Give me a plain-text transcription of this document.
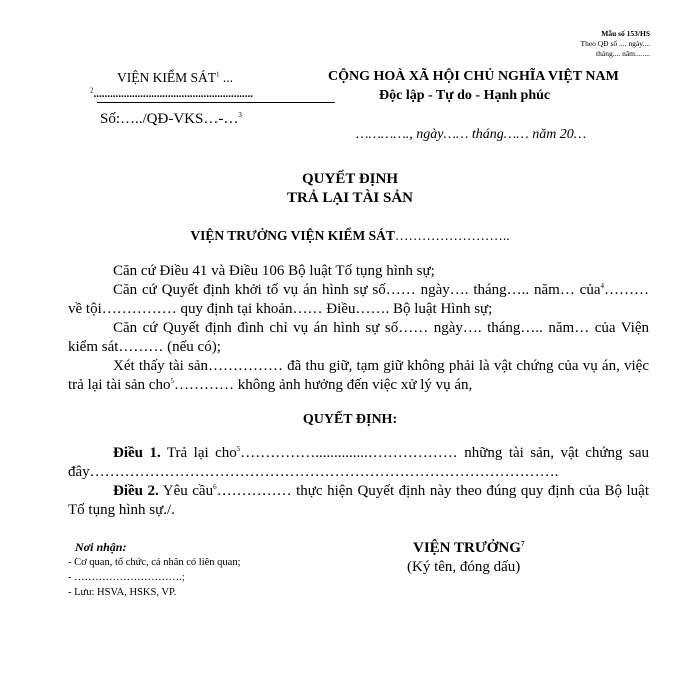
Mẫu số 153/HS
Theo QĐ số .... ngày....
tháng.... năm........
VIỆN KIỂM SÁT$^1$ ...
$^2$..........................................................
Số:…../QĐ-VKS…-…$^3$
CỘNG HOÀ XÃ HỘI CHỦ NGHĨA VIỆT NAM
Độc lập - Tự do - Hạnh phúc
…………., ngày…… tháng…… năm 20…
QUYẾT ĐỊNH
TRẢ LẠI TÀI SẢN
VIỆN TRƯỞNG VIỆN KIỂM SÁT……………………..
Căn cứ Điều 41 và Điều 106 Bộ luật Tố tụng hình sự;
Căn cứ Quyết định khởi tố vụ án hình sự số…… ngày…. tháng….. năm… của$^4$……… về tội…………… quy định tại khoản…… Điều……. Bộ luật Hình sự;
Căn cứ Quyết định đình chỉ vụ án hình sự số…… ngày…. tháng….. năm… của Viện kiểm sát……… (nếu có);
Xét thấy tài sản…………… đã thu giữ, tạm giữ không phải là vật chứng của vụ án, việc trả lại tài sản cho$^5$………… không ảnh hưởng đến việc xử lý vụ án,
QUYẾT ĐỊNH:
Điều 1. Trả lại cho$^5$……………..............……………… những tài sản, vật chứng sau đây………………………………………………………………………………….
Điều 2. Yêu cầu$^6$…………… thực hiện Quyết định này theo đúng quy định của Bộ luật Tố tụng hình sự./.
Nơi nhận:
- Cơ quan, tổ chức, cá nhân có liên quan;
- ………………………….;
- Lưu: HSVA, HSKS, VP.
VIỆN TRƯỞNG$^7$
(Ký tên, đóng dấu)
